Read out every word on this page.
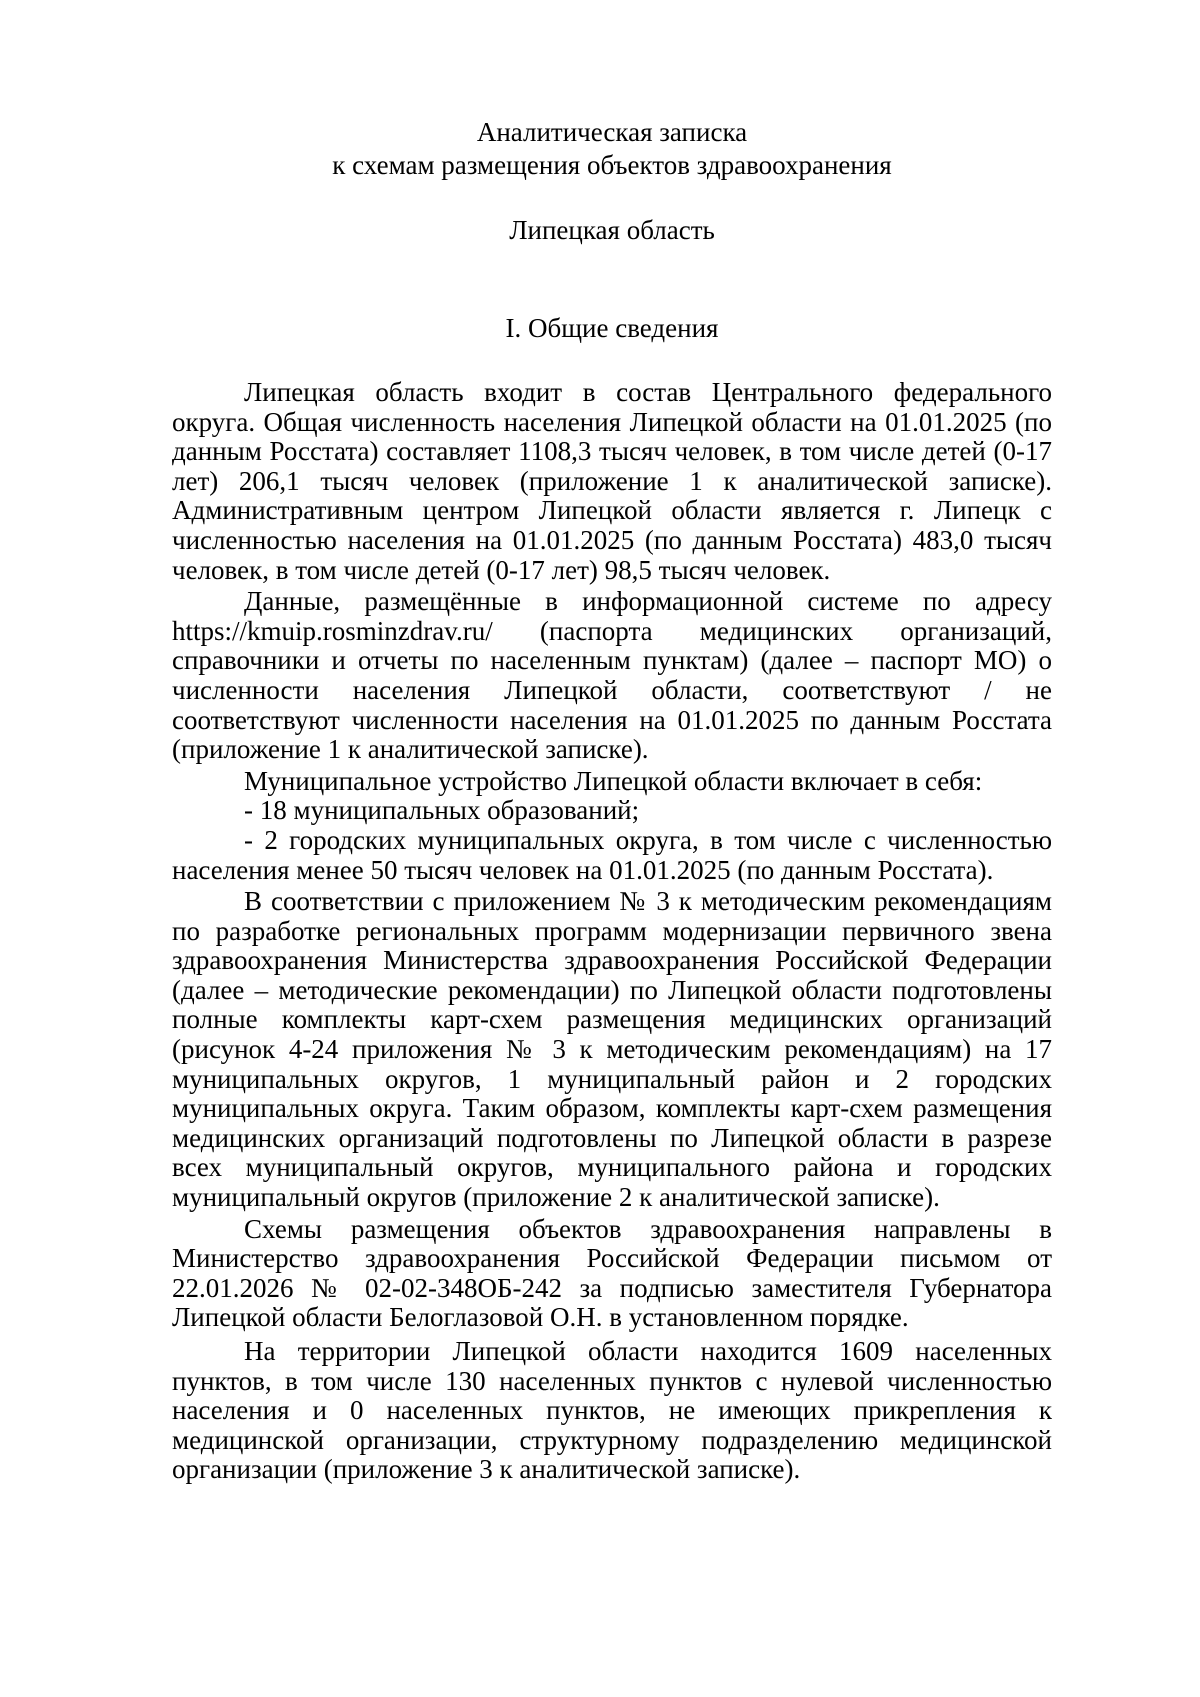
Аналитическая записка
к схемам размещения объектов здравоохранения
Липецкая область
I. Общие сведения

Липецкая область входит в состав Центрального федерального округа. Общая численность населения Липецкой области на 01.01.2025 (по данным Росстата) составляет 1108,3 тысяч человек, в том числе детей (0-17 лет) 206,1 тысяч человек (приложение 1 к аналитической записке). Административным центром Липецкой области является г. Липецк с численностью населения на 01.01.2025 (по данным Росстата) 483,0 тысяч человек, в том числе детей (0-17 лет) 98,5 тысяч человек.

Данные, размещённые в информационной системе по адресу https://kmuip.rosminzdrav.ru/ (паспорта медицинских организаций, справочники и отчеты по населенным пунктам) (далее – паспорт МО) о численности населения Липецкой области, соответствуют / не соответствуют численности населения на 01.01.2025 по данным Росстата (приложение 1 к аналитической записке).

Муниципальное устройство Липецкой области включает в себя:

- 18 муниципальных образований;

- 2 городских муниципальных округа, в том числе с численностью населения менее 50 тысяч человек на 01.01.2025 (по данным Росстата).

В соответствии с приложением № 3 к методическим рекомендациям по разработке региональных программ модернизации первичного звена здравоохранения Министерства здравоохранения Российской Федерации (далее – методические рекомендации) по Липецкой области подготовлены полные комплекты карт-схем размещения медицинских организаций (рисунок 4-24 приложения № 3 к методическим рекомендациям) на 17 муниципальных округов, 1 муниципальный район и 2 городских муниципальных округа. Таким образом, комплекты карт-схем размещения медицинских организаций подготовлены по Липецкой области в разрезе всех муниципальный округов, муниципального района и городских муниципальный округов (приложение 2 к аналитической записке).

Схемы размещения объектов здравоохранения направлены в Министерство здравоохранения Российской Федерации письмом от 22.01.2026 № 02-02-348ОБ-242 за подписью заместителя Губернатора Липецкой области Белоглазовой О.Н. в установленном порядке.

На территории Липецкой области находится 1609 населенных пунктов, в том числе 130 населенных пунктов с нулевой численностью населения и 0 населенных пунктов, не имеющих прикрепления к медицинской организации, структурному подразделению медицинской организации (приложение 3 к аналитической записке).
